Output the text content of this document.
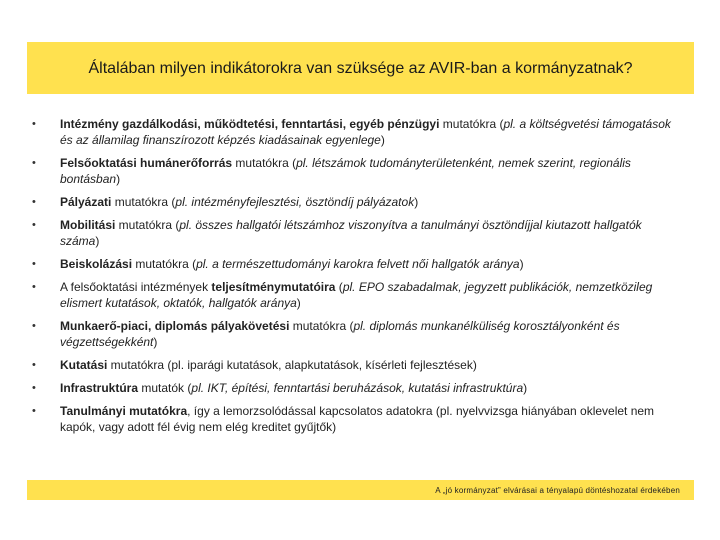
Általában milyen indikátorokra van szüksége az AVIR-ban a kormányzatnak?
•	Intézmény gazdálkodási, működtetési, fenntartási, egyéb pénzügyi mutatókra (pl. a költségvetési támogatások és az államilag finanszírozott képzés kiadásainak egyenlege)
•	Felsőoktatási humánerőforrás mutatókra (pl. létszámok tudományterületenként, nemek szerint, regionális bontásban)
•	Pályázati mutatókra (pl. intézményfejlesztési, ösztöndíj pályázatok)
•	Mobilitási mutatókra (pl. összes hallgatói létszámhoz viszonyítva a tanulmányi ösztöndíjjal kiutazott hallgatók száma)
•	Beiskolázási mutatókra (pl. a természettudományi karokra felvett női hallgatók aránya)
•	A felsőoktatási intézmények teljesítménymutatóira (pl. EPO szabadalmak, jegyzett publikációk, nemzetközileg elismert kutatások, oktatók, hallgatók aránya)
•	Munkaerő-piaci, diplomás pályakövetési mutatókra (pl. diplomás munkanélküliség korosztályonként és végzettségekként)
•	Kutatási mutatókra (pl. iparági kutatások, alapkutatások, kísérleti fejlesztések)
•	Infrastruktúra mutatók (pl. IKT, építési, fenntartási beruházások, kutatási infrastruktúra)
•	Tanulmányi mutatókra, így a lemorzsolódással kapcsolatos adatokra (pl. nyelvvizsga hiányában oklevelet nem kapók, vagy adott fél évig nem elég kreditet gyűjtők)
A „jó kormányzat” elvárásai a tényalapú döntéshozatal érdekében
